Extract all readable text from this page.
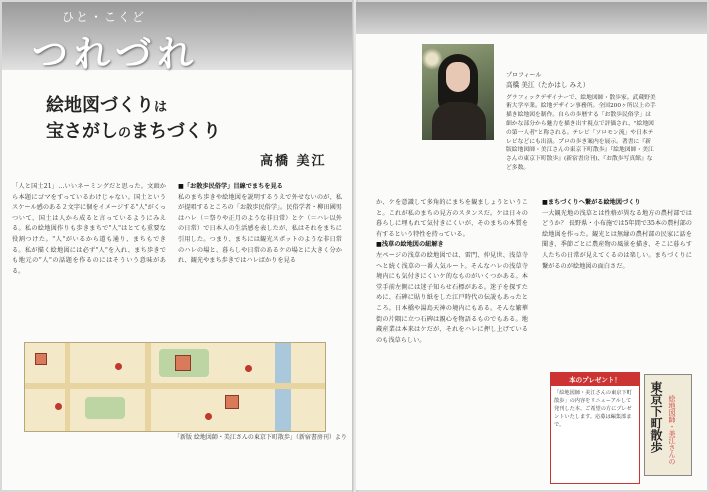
ひと・こくど
つれづれ
絵地図づくりは
宝さがしのまちづくり
高橋 美江

「人と国土21」…いいネーミングだと思った。文頭から本題にゴマをすっているわけじゃない。国土というスケール感のある２文字に個をイメージする"人"がくっついて、国土は人から成ると言っているようにみえる。私の絵地図作りも歩きまちで"人"はとても重要な役割つけた。"人"がいるから道も通り、まちもできる。私が描く絵地図には必ず"人"を入れ、まち歩きでも地元の"人"の話題を作るのにはそういう意味がある。

■「お散歩民俗学」目線でまちを見る

私のまち歩きや絵地図を説明するうえで外せないのが、私が提唱するところの「お散歩民俗学」。民俗学者・柳田國男はハレ（＝祭りや正月のような非日常）とケ（＝ハレ以外の日常）で日本人の生活感を表したが、私はそれをまちに引用した。つまり、まちには観光スポットのような非日常のハレの場と、暮らしや日常のあるケの場とに大きく分かれ、観光やまち歩きではハレばかりを見る

「新版 絵地図師・美江さんの東京下町散歩」（新宿書房刊）より
プロフィール
高橋 美江（たかはし みえ）
グラフィックデザイナーで、絵地図師・散歩家。武蔵野美術大学卒業。絵地デザイン事務所。全国200ヶ所以上の手描き絵地図を制作。自らの歩暦する「お散歩民俗学」は細かな部分から魅力を描き出す視点で評価され、"絵地図の第一人者"と称される。テレビ「ソロモン流」や日本テレビなどにも出演。プロの歩き案内を展示。著書に『新版絵地図師・美江さんの東京下町散歩』『絵地図師・美江さんの東京下町散歩』(新宿書房刊)、『お散歩写真館』など多数。

か、ケを意識して多角的にまちを観ましょうということ。これが私のまちの見方のスタンスだ。ケは日々の暮らしに埋もれて気付きにくいが、そのまちの本質を有するという特性を持っている。

■浅草の絵地図の紐解き

左ページの浅草の絵地図では、雷門、仲見世、浅草寺へと続く浅草の一番人気ルート。そんなハレの浅草寺境内にも気付きにくいケ的なものがいくつかある。本堂手前左側には迷子知らせ石標がある。迷子を探すために、石碑に貼り紙をした江戸時代の伝説もあったところ。日本橋や湯島天神の境内にもある。そんな繁華街の片隅に立つ石碑は親心を物語るものでもある。地蔵産業は本来はケだが、それをハレに押し上げているのも浅草らしい。

■まちづくりへ繋がる絵地図づくり

一大観光地の浅草とは性格が異なる地方の農村部ではどうか？ 長野県・小布施では5年間で35本の農村部の絵地図を作った。観光とは無縁の農村部の民家に話を聞き、季節ごとに農産物の風景を描き、そこに暮らす人たちの日常が見えてくるのは楽しい。まちづくりに繋がるのが絵地図の面白さだ。

本のプレゼント！
「絵地図師・美江さんの東京下町散歩」の内容をリニューアルして発刊した本。ご希望の方にプレゼントいたします。応募は編集部まで。	東京下町散歩 絵地図師・美江さんの
